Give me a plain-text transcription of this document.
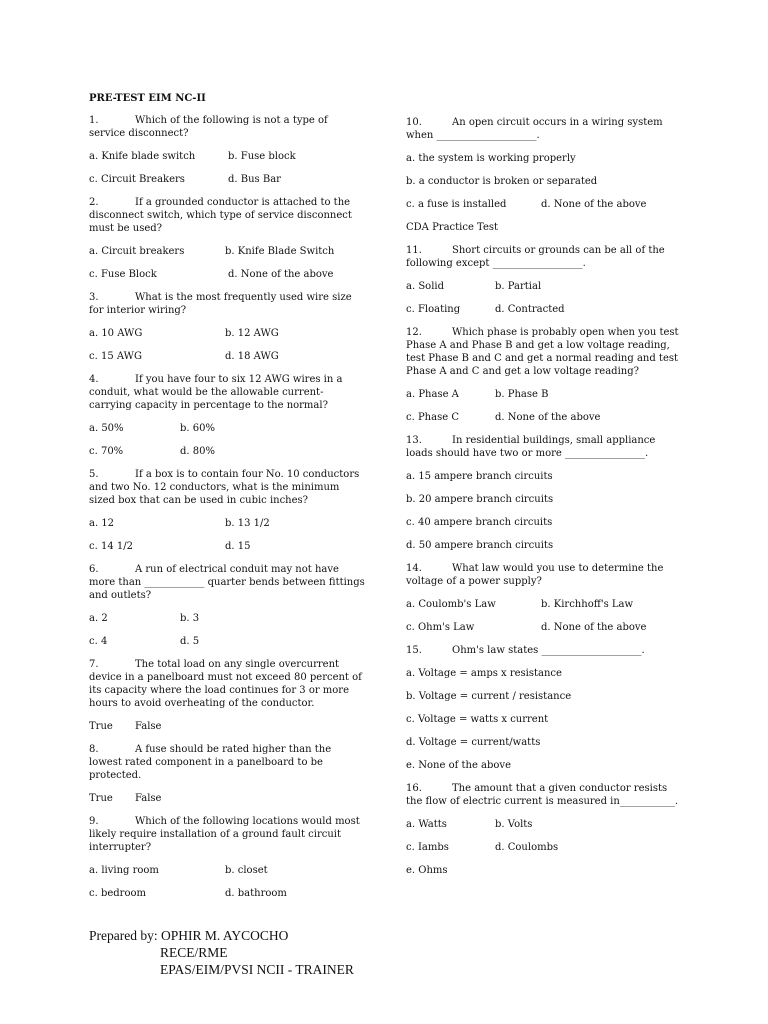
PRE-TEST EIM NC-II
1.	Which of the following is not a type of service disconnect?
a. Knife blade switch	b. Fuse block
c. Circuit Breakers	d. Bus Bar
2.	If a grounded conductor is attached to the disconnect switch, which type of service disconnect must be used?
a. Circuit breakers	b. Knife Blade Switch
c. Fuse Block	d. None of the above
3.	What is the most frequently used wire size for interior wiring?
a. 10 AWG	b. 12 AWG
c. 15 AWG	d. 18 AWG
4.	If you have four to six 12 AWG wires in a conduit, what would be the allowable current-carrying capacity in percentage to the normal?
a. 50%	b. 60%
c. 70%	d. 80%
5.	If a box is to contain four No. 10 conductors and two No. 12 conductors, what is the minimum sized box that can be used in cubic inches?
a. 12	b. 13 1/2
c. 14 1/2	d. 15
6.	A run of electrical conduit may not have more than ____________ quarter bends between fittings and outlets?
a. 2	b. 3
c. 4	d. 5
7.	The total load on any single overcurrent device in a panelboard must not exceed 80 percent of its capacity where the load continues for 3 or more hours to avoid overheating of the conductor.
True	False
8.	A fuse should be rated higher than the lowest rated component in a panelboard to be protected.
True	False
9.	Which of the following locations would most likely require installation of a ground fault circuit interrupter?
a. living room	b. closet
c. bedroom	d. bathroom
10.	An open circuit occurs in a wiring system when ____________________.
a. the system is working properly
b. a conductor is broken or separated
c. a fuse is installed	d. None of the above
CDA Practice Test
11.	Short circuits or grounds can be all of the following except __________________.
a. Solid	b. Partial
c. Floating	d. Contracted
12.	Which phase is probably open when you test Phase A and Phase B and get a low voltage reading, test Phase B and C and get a normal reading and test Phase A and C and get a low voltage reading?
a. Phase A	b. Phase B
c. Phase C	d. None of the above
13.	In residential buildings, small appliance loads should have two or more ________________.
a. 15 ampere branch circuits
b. 20 ampere branch circuits
c. 40 ampere branch circuits
d. 50 ampere branch circuits
14.	What law would you use to determine the voltage of a power supply?
a. Coulomb's Law	b. Kirchhoff's Law
c. Ohm's Law	d. None of the above
15.	Ohm's law states ____________________.
a. Voltage = amps x resistance
b. Voltage = current / resistance
c. Voltage = watts x current
d. Voltage = current/watts
e. None of the above
16.	The amount that a given conductor resists the flow of electric current is measured in___________.
a. Watts	b. Volts
c. Iambs	d. Coulombs
e. Ohms
Prepared by: OPHIR M. AYCOCHO
RECE/RME
EPAS/EIM/PVSI NCII - TRAINER
